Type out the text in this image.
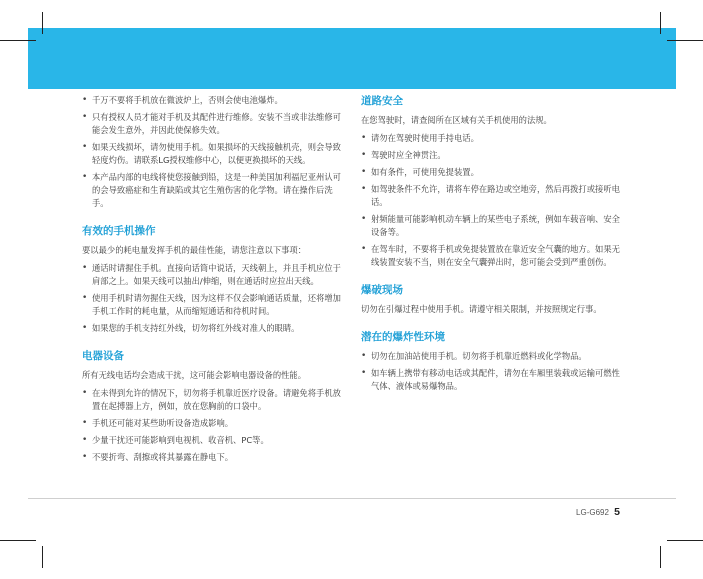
• 千万不要将手机放在微波炉上，否则会使电池爆炸。
• 只有授权人员才能对手机及其配件进行维修。安装不当或非法维修可能会发生意外，并因此使保修失效。
• 如果天线损坏，请勿使用手机。如果损坏的天线接触机壳，则会导致轻度灼伤。请联系LG授权维修中心，以便更换损坏的天线。
• 本产品内部的电线将使您接触到铅，这是一种美国加利福尼亚州认可的会导致癌症和生育缺陷或其它生殖伤害的化学物。请在操作后洗手。
有效的手机操作

要以最少的耗电量发挥手机的最佳性能，请您注意以下事项：

• 通话时请握住手机。直接向话筒中说话，天线朝上，并且手机应位于肩部之上。如果天线可以抽出/伸缩，则在通话时应拉出天线。
• 使用手机时请勿握住天线，因为这样不仅会影响通话质量，还将增加手机工作时的耗电量，从而缩短通话和待机时间。
• 如果您的手机支持红外线，切勿将红外线对准人的眼睛。
电器设备

所有无线电话均会造成干扰，这可能会影响电器设备的性能。

• 在未得到允许的情况下，切勿将手机靠近医疗设备。请避免将手机放置在起搏器上方，例如，放在您胸前的口袋中。
• 手机还可能对某些助听设备造成影响。
• 少量干扰还可能影响到电视机、收音机、PC等。
• 不要折弯、刮擦或将其暴露在静电下。
道路安全

在您驾驶时，请查阅所在区域有关手机使用的法规。

• 请勿在驾驶时使用手持电话。
• 驾驶时应全神贯注。
• 如有条件，可使用免提装置。
• 如驾驶条件不允许，请将车停在路边或空地旁，然后再拨打或接听电话。
• 射频能量可能影响机动车辆上的某些电子系统，例如车载音响、安全设备等。
• 在驾车时，不要将手机或免提装置放在靠近安全气囊的地方。如果无线装置安装不当，则在安全气囊弹出时，您可能会受到严重创伤。
爆破现场

切勿在引爆过程中使用手机。请遵守相关限制，并按照规定行事。

潜在的爆炸性环境
• 切勿在加油站使用手机。切勿将手机靠近燃料或化学物品。
• 如车辆上携带有移动电话或其配件，请勿在车厢里装载或运输可燃性气体、液体或易爆物品。
LG-G692 5
